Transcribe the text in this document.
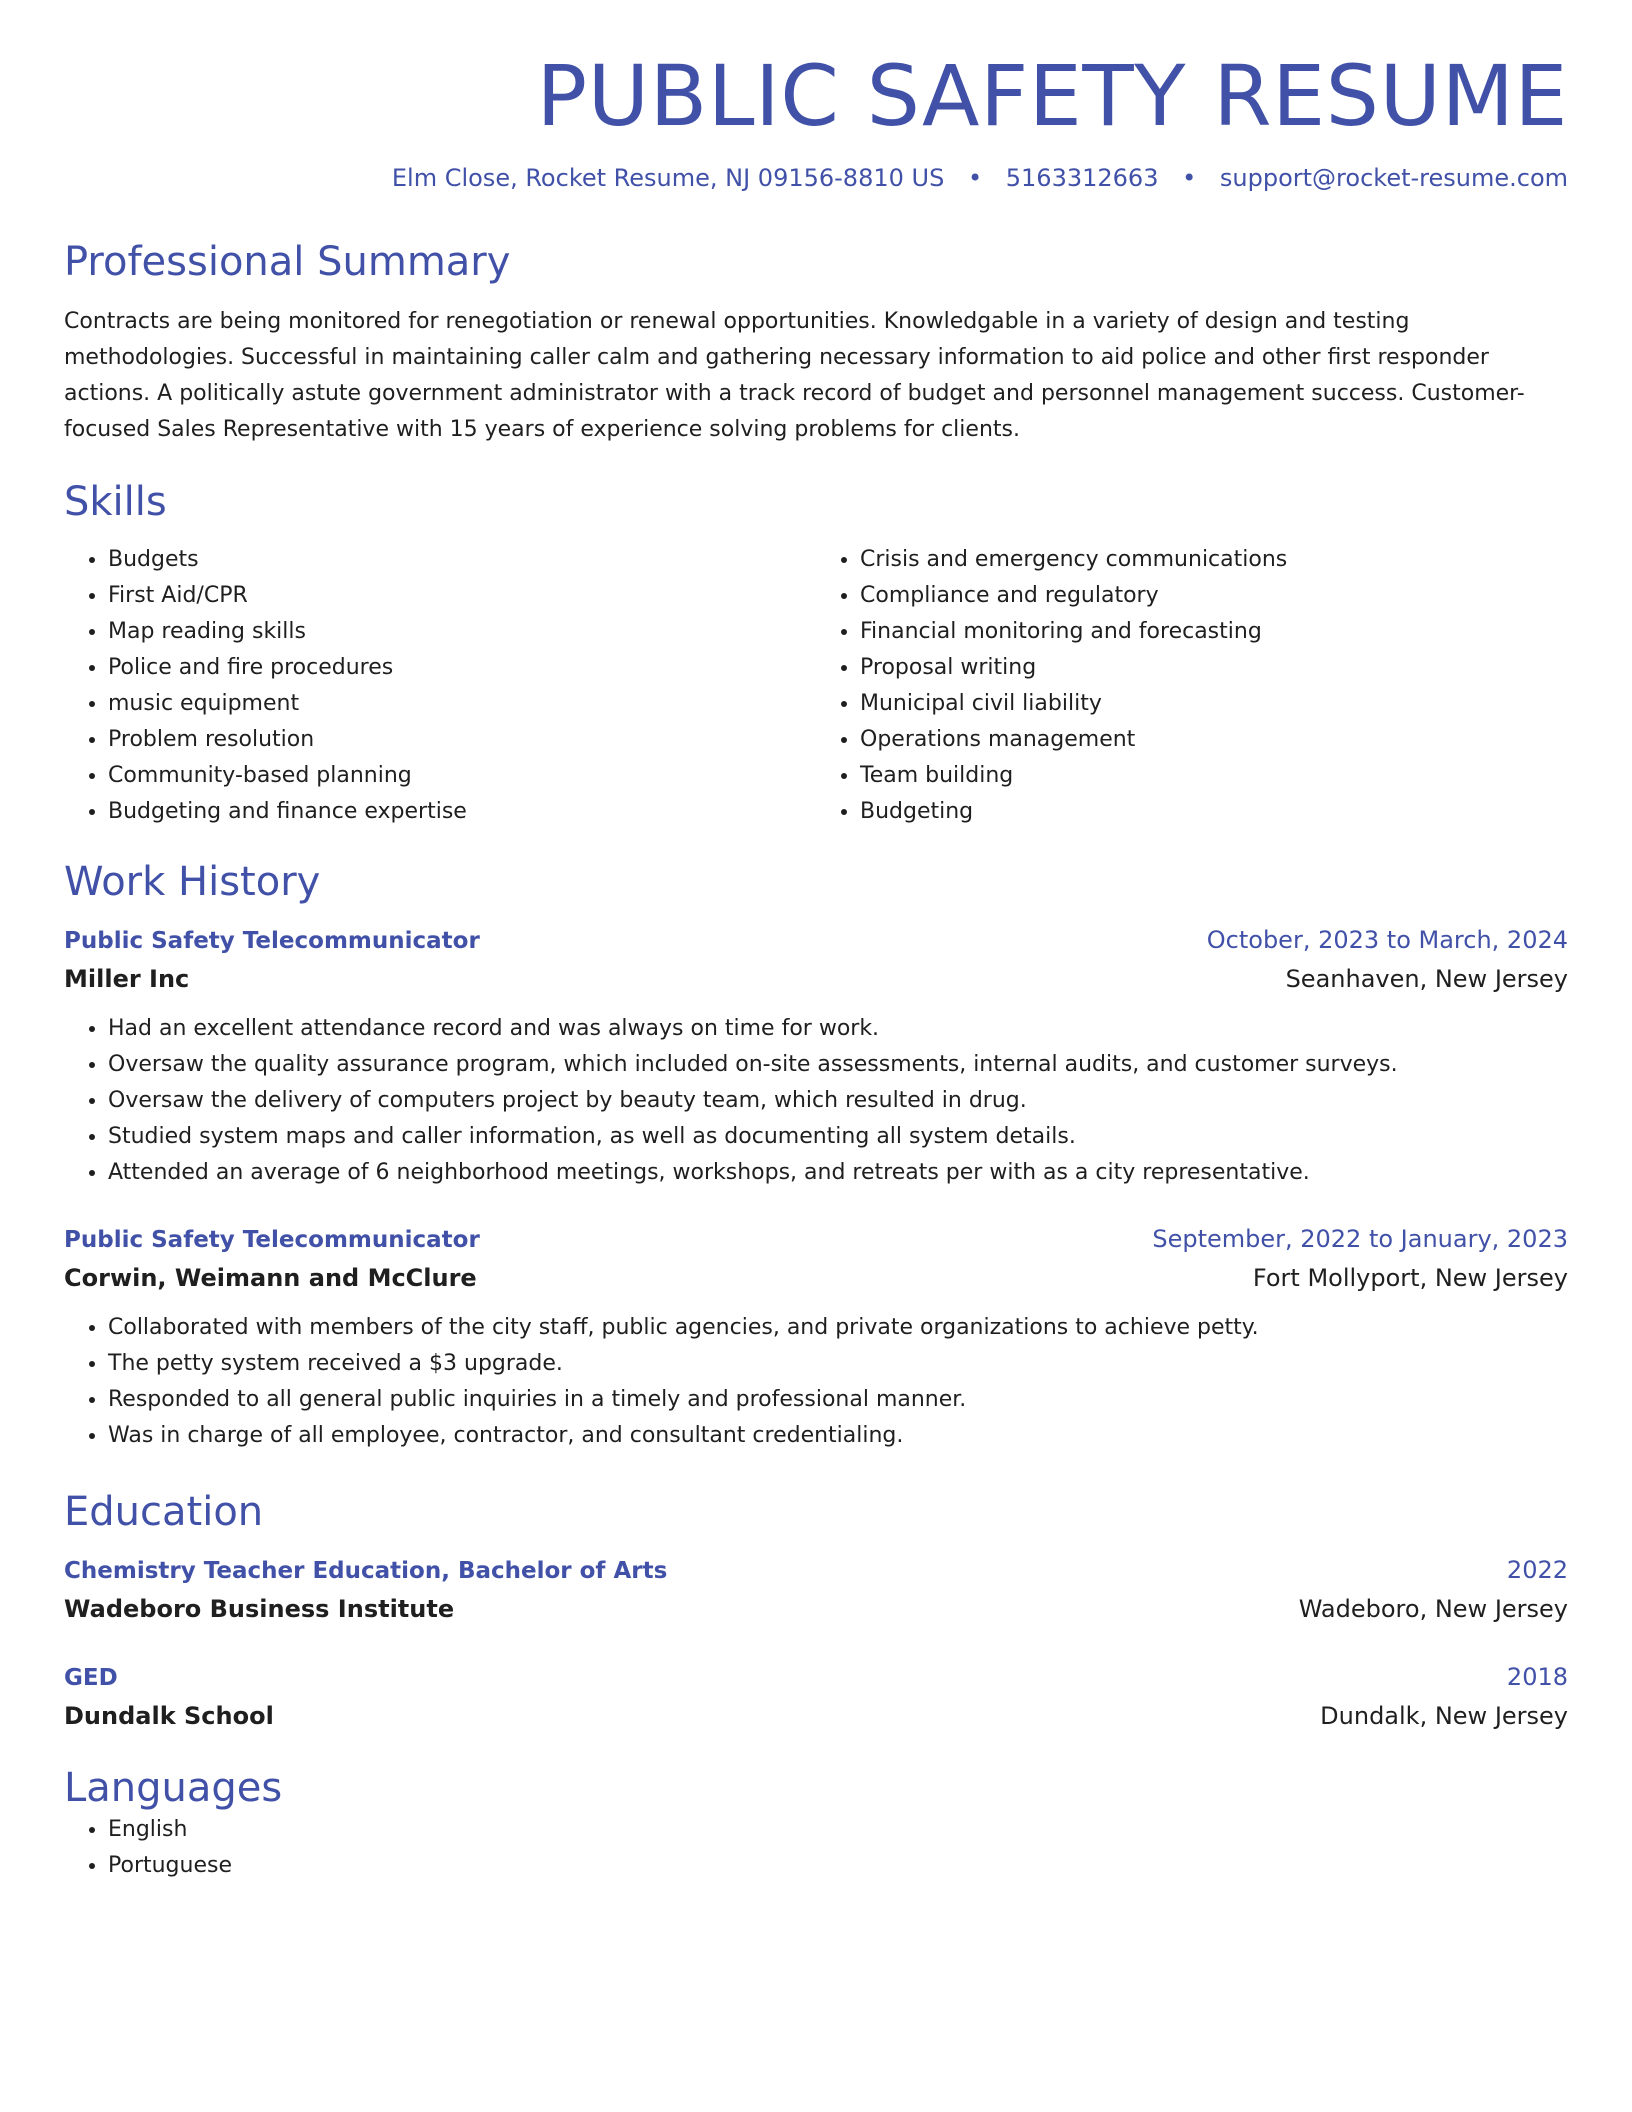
PUBLIC SAFETY RESUME
Elm Close, Rocket Resume, NJ 09156-8810 US • 5163312663 • support@rocket-resume.com
Professional Summary

Contracts are being monitored for renegotiation or renewal opportunities. Knowledgable in a variety of design and testing methodologies. Successful in maintaining caller calm and gathering necessary information to aid police and other first responder actions. A politically astute government administrator with a track record of budget and personnel management success. Customer-focused Sales Representative with 15 years of experience solving problems for clients.

Skills
• Budgets
• First Aid/CPR
• Map reading skills
• Police and fire procedures
• music equipment
• Problem resolution
• Community-based planning
• Budgeting and finance expertise
• Crisis and emergency communications
• Compliance and regulatory
• Financial monitoring and forecasting
• Proposal writing
• Municipal civil liability
• Operations management
• Team building
• Budgeting
Work History
Public Safety Telecommunicator	October, 2023 to March, 2024
Miller Inc	Seanhaven, New Jersey
• Had an excellent attendance record and was always on time for work.
• Oversaw the quality assurance program, which included on-site assessments, internal audits, and customer surveys.
• Oversaw the delivery of computers project by beauty team, which resulted in drug.
• Studied system maps and caller information, as well as documenting all system details.
• Attended an average of 6 neighborhood meetings, workshops, and retreats per with as a city representative.
Public Safety Telecommunicator	September, 2022 to January, 2023
Corwin, Weimann and McClure	Fort Mollyport, New Jersey
• Collaborated with members of the city staff, public agencies, and private organizations to achieve petty.
• The petty system received a $3 upgrade.
• Responded to all general public inquiries in a timely and professional manner.
• Was in charge of all employee, contractor, and consultant credentialing.
Education
Chemistry Teacher Education, Bachelor of Arts	2022
Wadeboro Business Institute	Wadeboro, New Jersey
GED	2018
Dundalk School	Dundalk, New Jersey
Languages
• English
• Portuguese
